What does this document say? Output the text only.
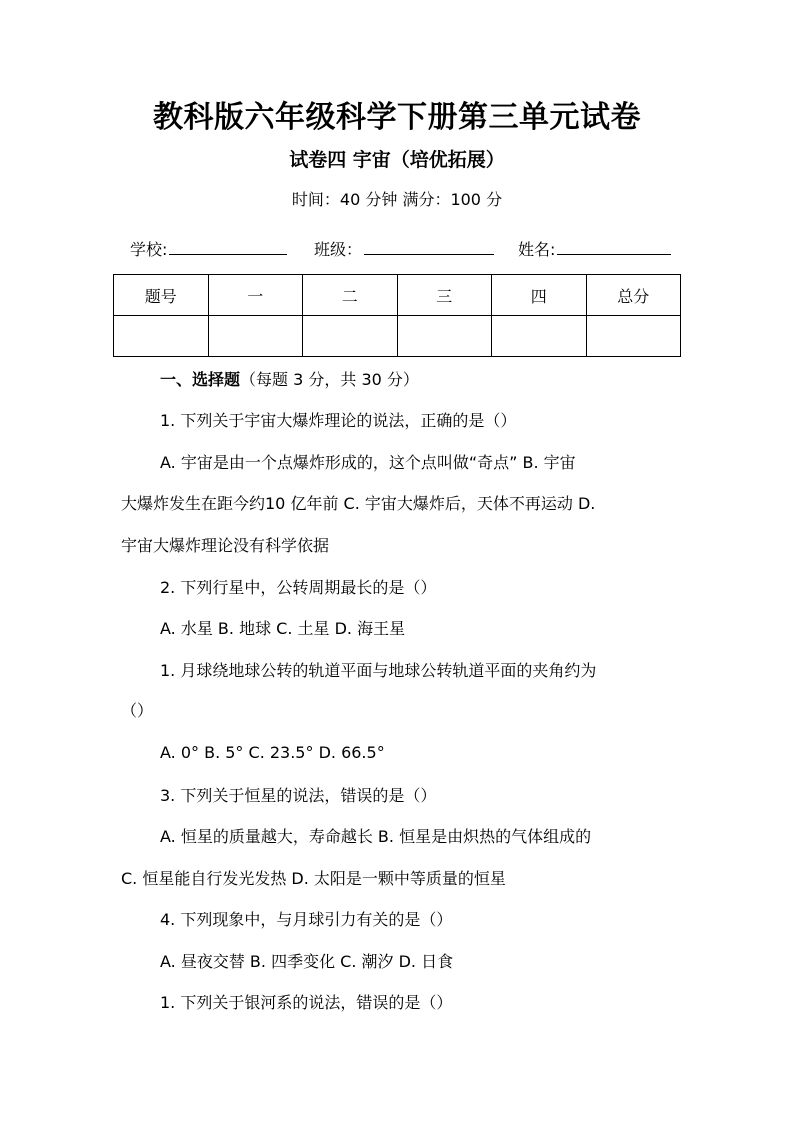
教科版六年级科学下册第三单元试卷
试卷四 宇宙（培优拓展）
时间：40 分钟 满分：100 分
学校:	班级：	姓名:
题号	一	二	三	四	总分

一、选择题（每题 3 分，共 30 分）
1. 下列关于宇宙大爆炸理论的说法，正确的是（）
A. 宇宙是由一个点爆炸形成的，这个点叫做“奇点” B. 宇宙
大爆炸发生在距今约10 亿年前 C. 宇宙大爆炸后，天体不再运动 D.
宇宙大爆炸理论没有科学依据
2. 下列行星中，公转周期最长的是（）
A. 水星 B. 地球 C. 土星 D. 海王星
1. 月球绕地球公转的轨道平面与地球公转轨道平面的夹角约为
（）
A. 0° B. 5° C. 23.5° D. 66.5°
3. 下列关于恒星的说法，错误的是（）
A. 恒星的质量越大，寿命越长 B. 恒星是由炽热的气体组成的
C. 恒星能自行发光发热 D. 太阳是一颗中等质量的恒星
4. 下列现象中，与月球引力有关的是（）
A. 昼夜交替 B. 四季变化 C. 潮汐 D. 日食
1. 下列关于银河系的说法，错误的是（）
